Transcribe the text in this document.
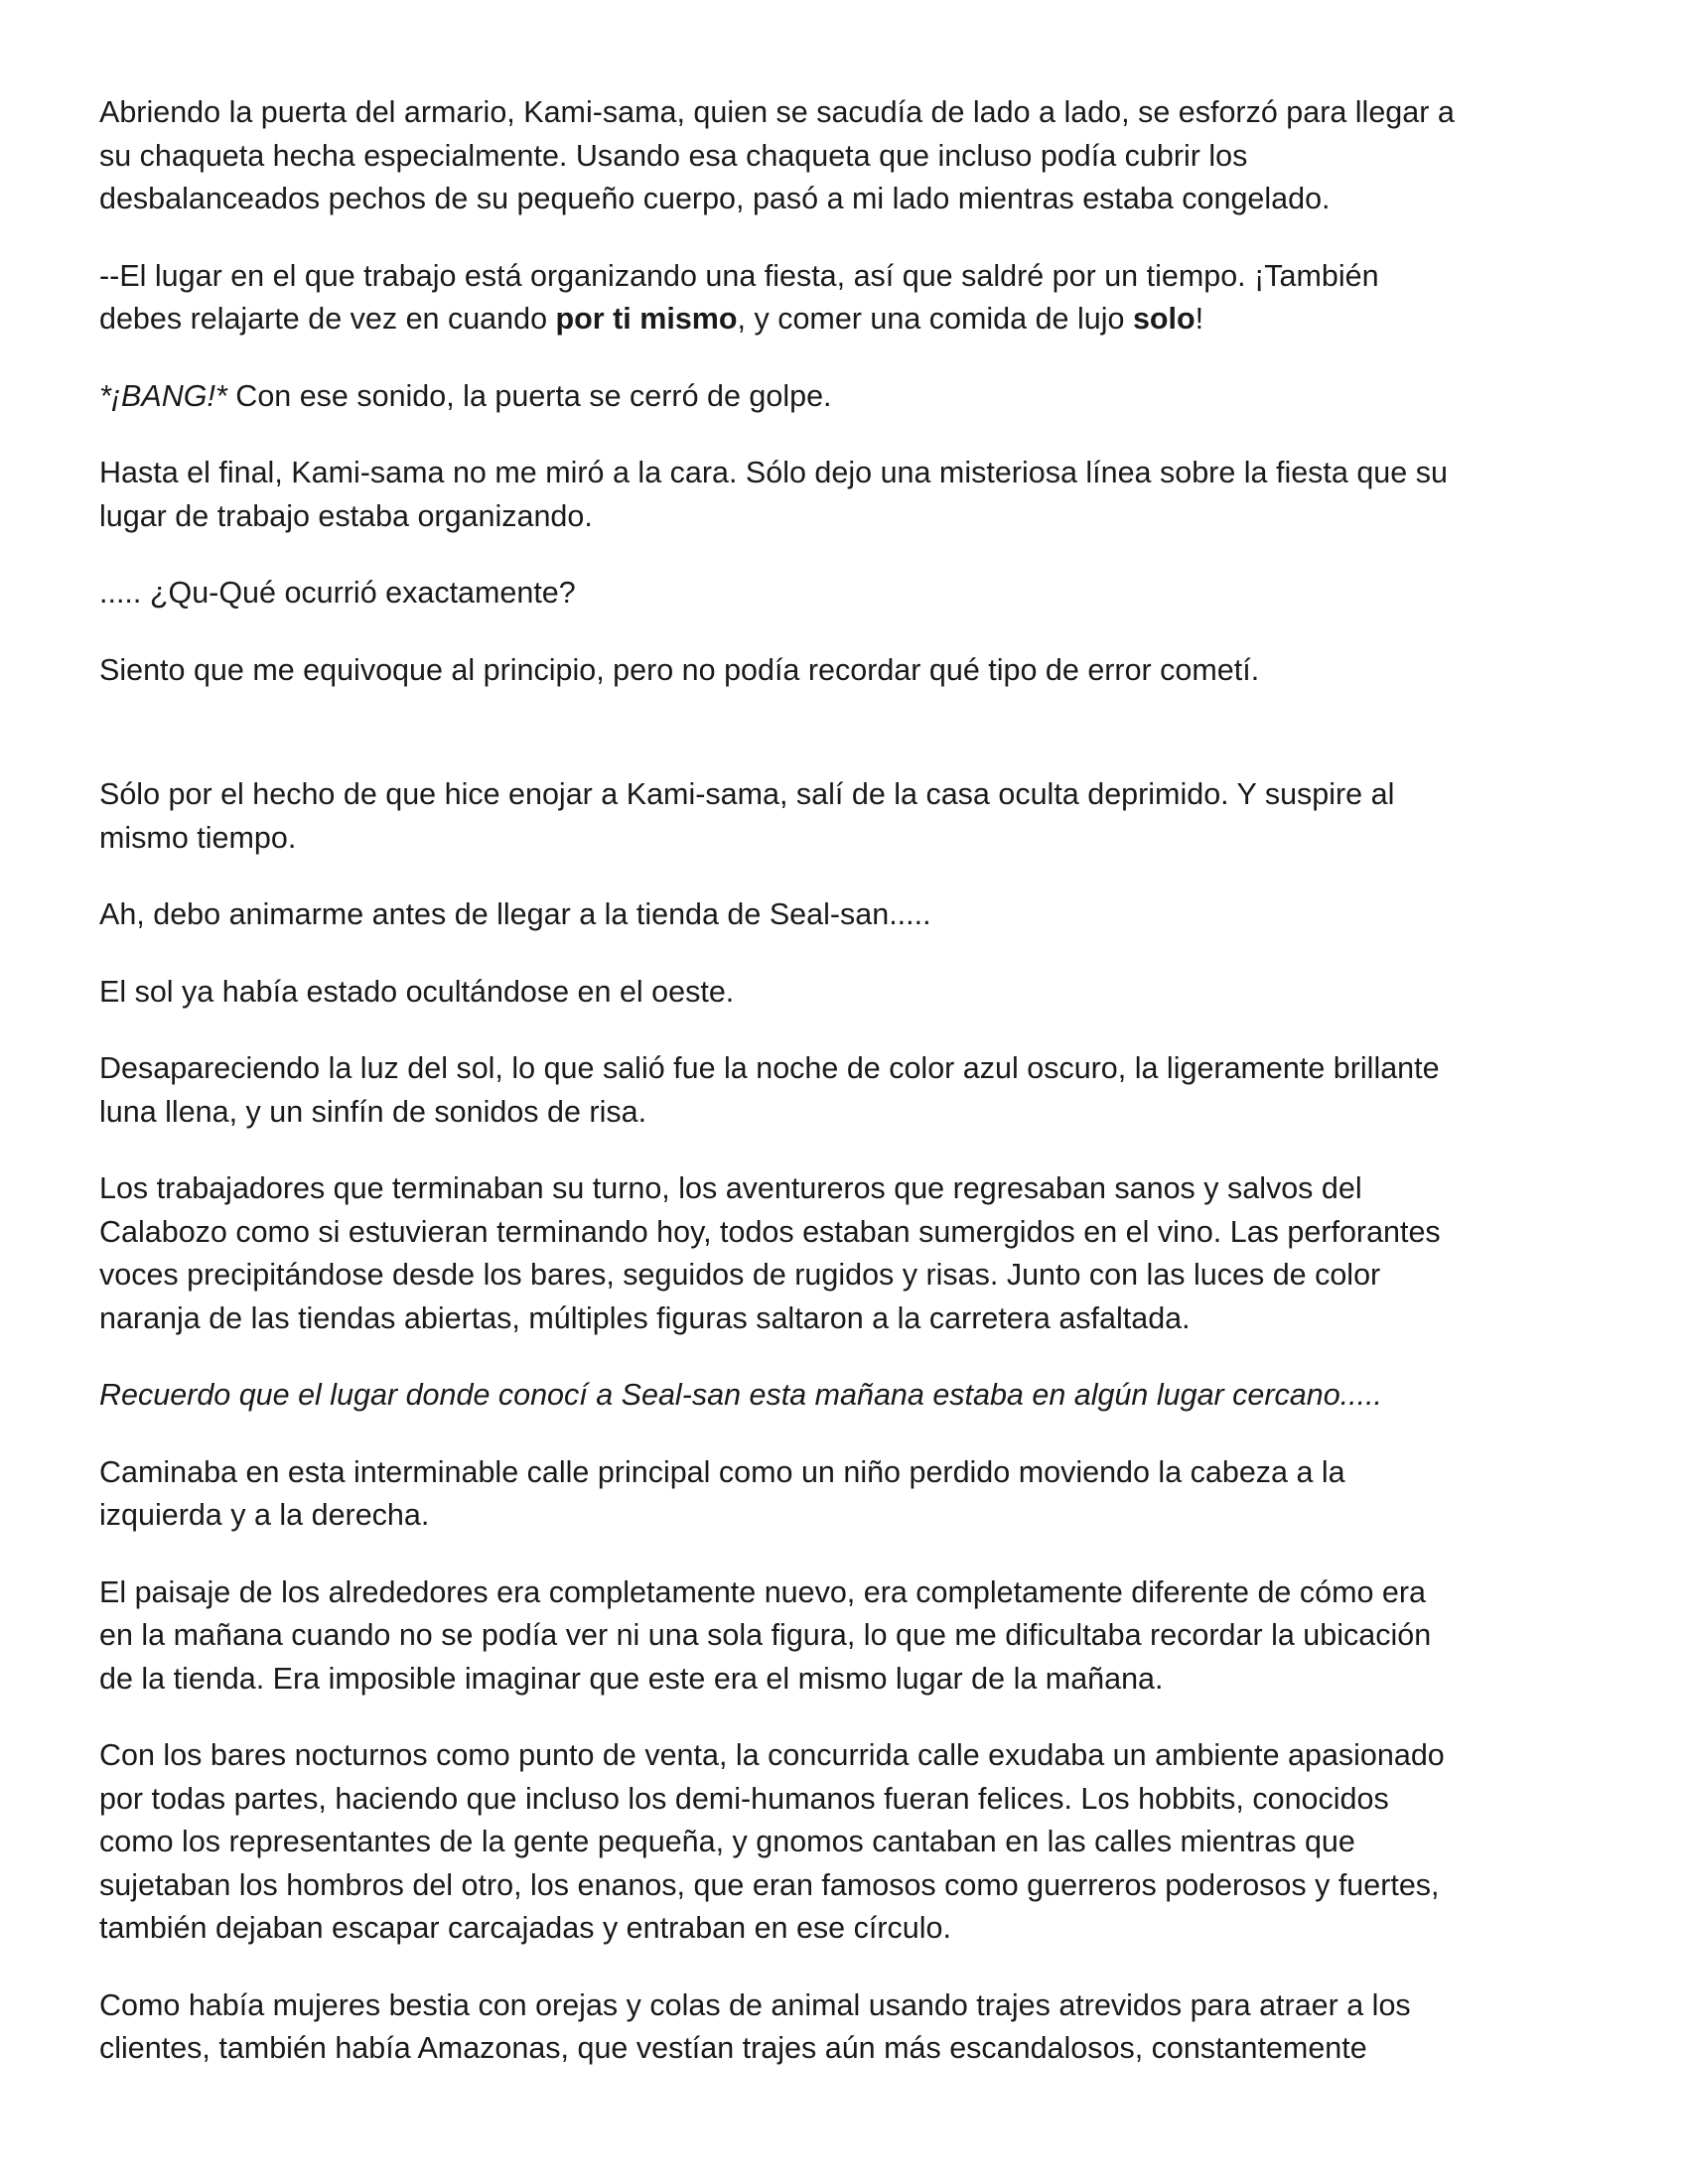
Abriendo la puerta del armario, Kami-sama, quien se sacudía de lado a lado, se esforzó para llegar a
su chaqueta hecha especialmente. Usando esa chaqueta que incluso podía cubrir los
desbalanceados pechos de su pequeño cuerpo, pasó a mi lado mientras estaba congelado.

--El lugar en el que trabajo está organizando una fiesta, así que saldré por un tiempo. ¡También
debes relajarte de vez en cuando por ti mismo, y comer una comida de lujo solo!

*¡BANG!* Con ese sonido, la puerta se cerró de golpe.

Hasta el final, Kami-sama no me miró a la cara. Sólo dejo una misteriosa línea sobre la fiesta que su
lugar de trabajo estaba organizando.

..... ¿Qu-Qué ocurrió exactamente?

Siento que me equivoque al principio, pero no podía recordar qué tipo de error cometí.

Sólo por el hecho de que hice enojar a Kami-sama, salí de la casa oculta deprimido. Y suspire al
mismo tiempo.

Ah, debo animarme antes de llegar a la tienda de Seal-san.....

El sol ya había estado ocultándose en el oeste.

Desapareciendo la luz del sol, lo que salió fue la noche de color azul oscuro, la ligeramente brillante
luna llena, y un sinfín de sonidos de risa.

Los trabajadores que terminaban su turno, los aventureros que regresaban sanos y salvos del
Calabozo como si estuvieran terminando hoy, todos estaban sumergidos en el vino. Las perforantes
voces precipitándose desde los bares, seguidos de rugidos y risas. Junto con las luces de color
naranja de las tiendas abiertas, múltiples figuras saltaron a la carretera asfaltada.

Recuerdo que el lugar donde conocí a Seal-san esta mañana estaba en algún lugar cercano.....

Caminaba en esta interminable calle principal como un niño perdido moviendo la cabeza a la
izquierda y a la derecha.

El paisaje de los alrededores era completamente nuevo, era completamente diferente de cómo era
en la mañana cuando no se podía ver ni una sola figura, lo que me dificultaba recordar la ubicación
de la tienda. Era imposible imaginar que este era el mismo lugar de la mañana.

Con los bares nocturnos como punto de venta, la concurrida calle exudaba un ambiente apasionado
por todas partes, haciendo que incluso los demi-humanos fueran felices. Los hobbits, conocidos
como los representantes de la gente pequeña, y gnomos cantaban en las calles mientras que
sujetaban los hombros del otro, los enanos, que eran famosos como guerreros poderosos y fuertes,
también dejaban escapar carcajadas y entraban en ese círculo.

Como había mujeres bestia con orejas y colas de animal usando trajes atrevidos para atraer a los
clientes, también había Amazonas, que vestían trajes aún más escandalosos, constantemente
